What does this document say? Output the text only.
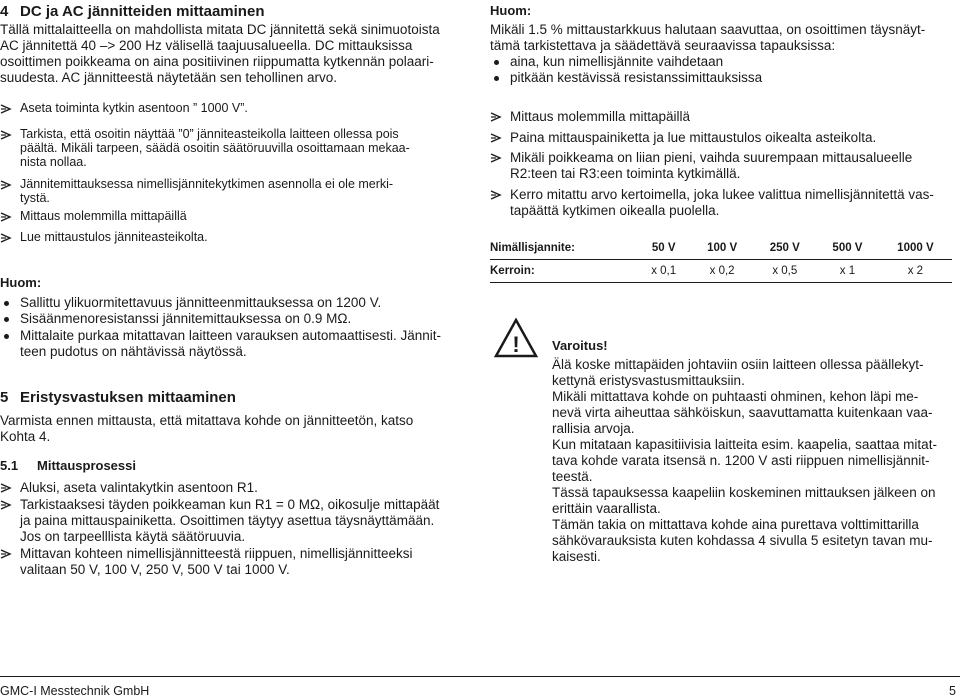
4 DC ja AC jännitteiden mittaaminen
Tällä mittalaitteella on mahdollista mitata DC jännitettä sekä sinimuotoista
AC jännitettä 40 –> 200 Hz välisellä taajuusalueella. DC mittauksissa
osoittimen poikkeama on aina positiivinen riippumatta kytkennän polaari-
suudesta. AC jännitteestä näytetään sen tehollinen arvo.
Aseta toiminta kytkin asentoon ” 1000 V”.
Tarkista, että osoitin näyttää ”0” jänniteasteikolla laitteen ollessa pois
päältä. Mikäli tarpeen, säädä osoitin säätöruuvilla osoittamaan mekaa-
nista nollaa.
Jännitemittauksessa nimellisjännitekytkimen asennolla ei ole merki-
tystä.
Mittaus molemmilla mittapäillä
Lue mittaustulos jänniteasteikolta.
Huom:
Sallittu ylikuormitettavuus jännitteenmittauksessa on 1200 V.
Sisäänmenoresistanssi jännitemittauksessa on 0.9 MΩ.
Mittalaite purkaa mitattavan laitteen varauksen automaattisesti. Jännit-
teen pudotus on nähtävissä näytössä.
5 Eristysvastuksen mittaaminen
Varmista ennen mittausta, että mitattava kohde on jännitteetön, katso
Kohta 4.
5.1 Mittausprosessi
Aluksi, aseta valintakytkin asentoon R1.
Tarkistaaksesi täyden poikkeaman kun R1 = 0 MΩ, oikosulje mittapäät
ja paina mittauspainiketta. Osoittimen täytyy asettua täysnäyttämään.
Jos on tarpeelllista käytä säätöruuvia.
Mittavan kohteen nimellisjännitteestä riippuen, nimellisjännitteeksi
valitaan 50 V, 100 V, 250 V, 500 V tai 1000 V.
Huom:
Mikäli 1.5 % mittaustarkkuus halutaan saavuttaa, on osoittimen täysnäyt-
tämä tarkistettava ja säädettävä seuraavissa tapauksissa:
aina, kun nimellisjännite vaihdetaan
pitkään kestävissä resistanssimittauksissa
Mittaus molemmilla mittapäillä
Paina mittauspainiketta ja lue mittaustulos oikealta asteikolta.
Mikäli poikkeama on liian pieni, vaihda suurempaan mittausalueelle
R2:teen tai R3:een toiminta kytkimällä.
Kerro mitattu arvo kertoimella, joka lukee valittua nimellisjännitettä vas-
tapäättä kytkimen oikealla puolella.
Nimällisjannite:	50 V	100 V	250 V	500 V	1000 V
Kerroin:	x 0,1	x 0,2	x 0,5	x 1	x 2
! Varoitus!
Älä koske mittapäiden johtaviin osiin laitteen ollessa päällekyt-
kettynä eristysvastusmittauksiin.
Mikäli mittattava kohde on puhtaasti ohminen, kehon läpi me-
nevä virta aiheuttaa sähköiskun, saavuttamatta kuitenkaan vaa-
rallisia arvoja.
Kun mitataan kapasitiivisia laitteita esim. kaapelia, saattaa mitat-
tava kohde varata itsensä n. 1200 V asti riippuen nimellisjännit-
teestä.
Tässä tapauksessa kaapeliin koskeminen mittauksen jälkeen on
erittäin vaarallista.
Tämän takia on mittattava kohde aina purettava volttimittarilla
sähkövarauksista kuten kohdassa 4 sivulla 5 esitetyn tavan mu-
kaisesti.
GMC-I Messtechnik GmbH	5
